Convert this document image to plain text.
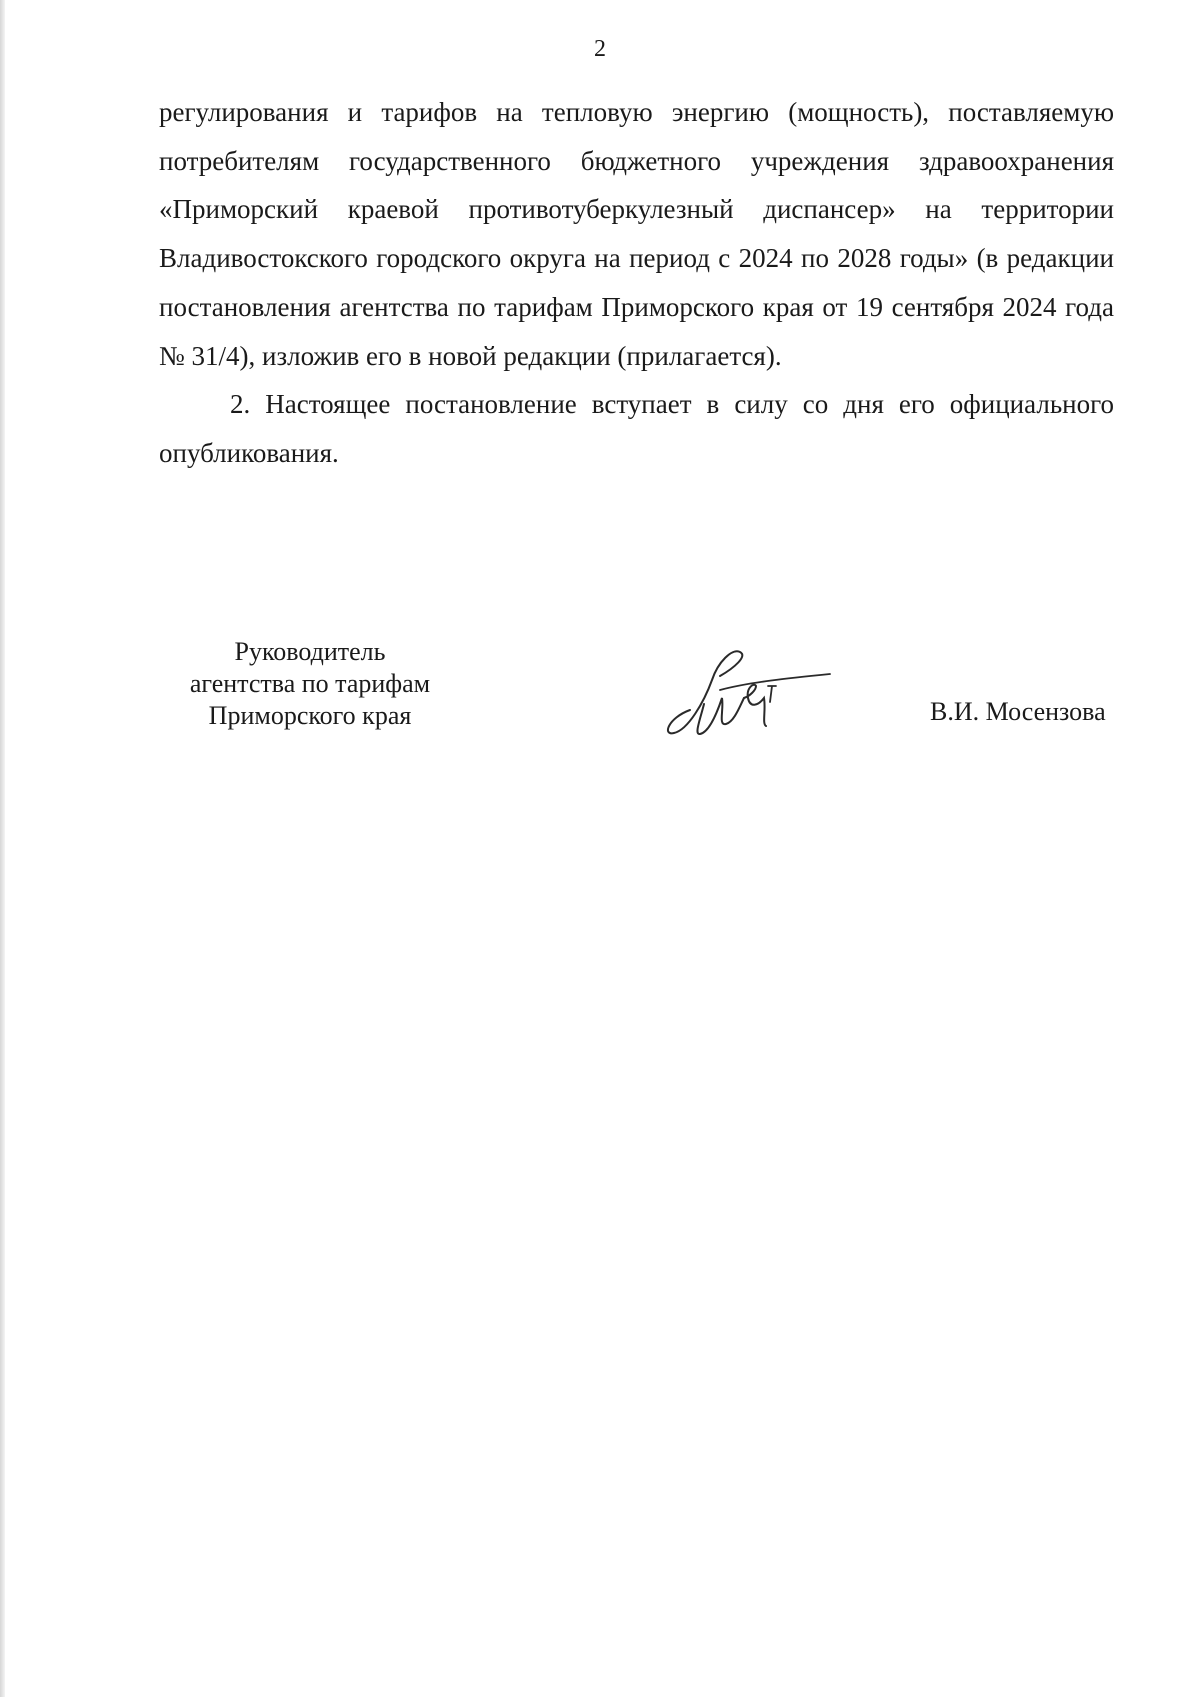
2

регулирования и тарифов на тепловую энергию (мощность), поставляемую потребителям государственного бюджетного учреждения здравоохранения «Приморский краевой противотуберкулезный диспансер» на территории Владивостокского городского округа на период с 2024 по 2028 годы» (в редакции постановления агентства по тарифам Приморского края от 19 сентября 2024 года № 31/4), изложив его в новой редакции (прилагается).

2. Настоящее постановление вступает в силу со дня его официального опубликования.

Руководитель
агентства по тарифам
Приморского края	В.И. Мосензова
